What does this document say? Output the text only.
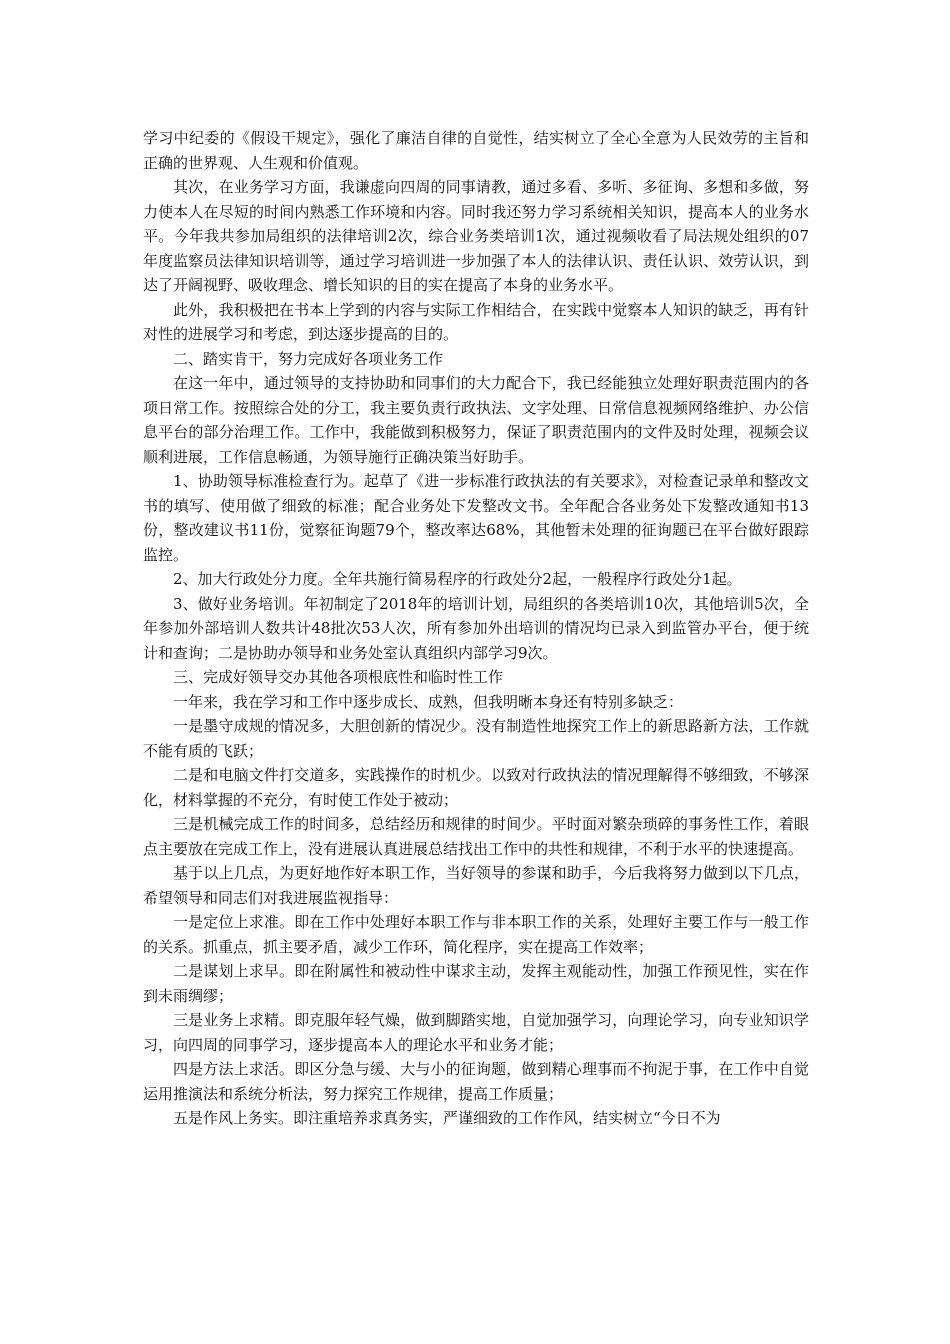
学习中纪委的《假设干规定》，强化了廉洁自律的自觉性，结实树立了全心全意为人民效劳的主旨和正确的世界观、人生观和价值观。

其次，在业务学习方面，我谦虚向四周的同事请教，通过多看、多听、多征询、多想和多做，努力使本人在尽短的时间内熟悉工作环境和内容。同时我还努力学习系统相关知识，提高本人的业务水平。今年我共参加局组织的法律培训2次，综合业务类培训1次，通过视频收看了局法规处组织的07年度监察员法律知识培训等，通过学习培训进一步加强了本人的法律认识、责任认识、效劳认识，到达了开阔视野、吸收理念、增长知识的目的实在提高了本身的业务水平。

此外，我积极把在书本上学到的内容与实际工作相结合，在实践中觉察本人知识的缺乏，再有针对性的进展学习和考虑，到达逐步提高的目的。

二、踏实肯干，努力完成好各项业务工作

在这一年中，通过领导的支持协助和同事们的大力配合下，我已经能独立处理好职责范围内的各项日常工作。按照综合处的分工，我主要负责行政执法、文字处理、日常信息视频网络维护、办公信息平台的部分治理工作。工作中，我能做到积极努力，保证了职责范围内的文件及时处理，视频会议顺利进展，工作信息畅通，为领导施行正确决策当好助手。

1、协助领导标准检查行为。起草了《进一步标准行政执法的有关要求》，对检查记录单和整改文书的填写、使用做了细致的标准；配合业务处下发整改文书。全年配合各业务处下发整改通知书13份，整改建议书11份，觉察征询题79个，整改率达68%，其他暂未处理的征询题已在平台做好跟踪监控。

2、加大行政处分力度。全年共施行简易程序的行政处分2起，一般程序行政处分1起。

3、做好业务培训。年初制定了2018年的培训计划，局组织的各类培训10次，其他培训5次，全年参加外部培训人数共计48批次53人次，所有参加外出培训的情况均已录入到监管办平台，便于统计和查询；二是协助办领导和业务处室认真组织内部学习9次。

三、完成好领导交办其他各项根底性和临时性工作

一年来，我在学习和工作中逐步成长、成熟，但我明晰本身还有特别多缺乏：

一是墨守成规的情况多，大胆创新的情况少。没有制造性地探究工作上的新思路新方法，工作就不能有质的飞跃；

二是和电脑文件打交道多，实践操作的时机少。以致对行政执法的情况理解得不够细致，不够深化，材料掌握的不充分，有时使工作处于被动；

三是机械完成工作的时间多，总结经历和规律的时间少。平时面对繁杂琐碎的事务性工作，着眼点主要放在完成工作上，没有进展认真进展总结找出工作中的共性和规律，不利于水平的快速提高。

基于以上几点，为更好地作好本职工作，当好领导的参谋和助手，今后我将努力做到以下几点，希望领导和同志们对我进展监视指导：

一是定位上求准。即在工作中处理好本职工作与非本职工作的关系，处理好主要工作与一般工作的关系。抓重点，抓主要矛盾，减少工作环，简化程序，实在提高工作效率；

二是谋划上求早。即在附属性和被动性中谋求主动，发挥主观能动性，加强工作预见性，实在作到未雨绸缪；

三是业务上求精。即克服年轻气燥，做到脚踏实地，自觉加强学习，向理论学习，向专业知识学习，向四周的同事学习，逐步提高本人的理论水平和业务才能；

四是方法上求活。即区分急与缓、大与小的征询题，做到精心理事而不拘泥于事，在工作中自觉运用推演法和系统分析法，努力探究工作规律，提高工作质量；

五是作风上务实。即注重培养求真务实，严谨细致的工作作风，结实树立“今日不为
